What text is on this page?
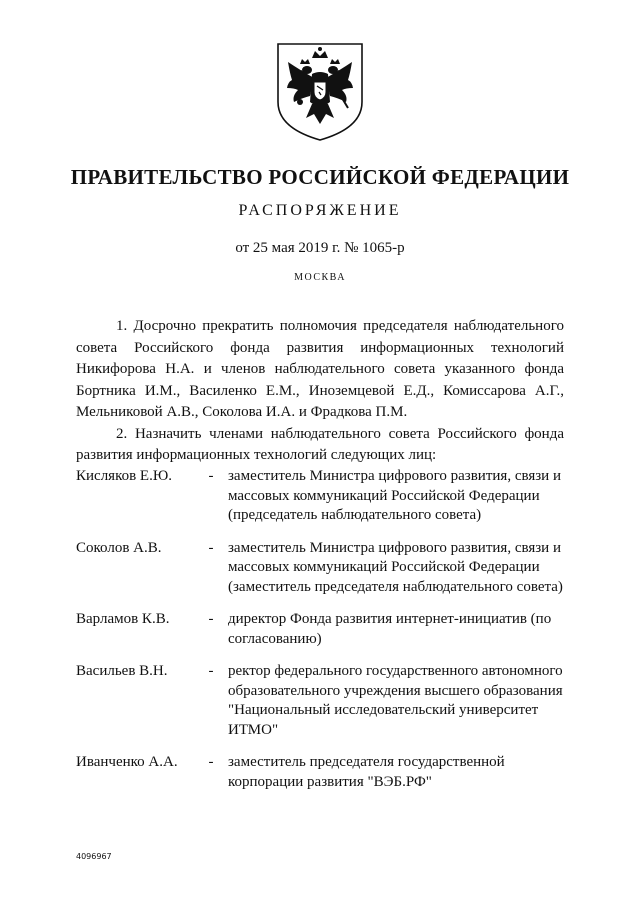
ПРАВИТЕЛЬСТВО РОССИЙСКОЙ ФЕДЕРАЦИИ
РАСПОРЯЖЕНИЕ
от 25 мая 2019 г. № 1065-р
МОСКВА

1. Досрочно прекратить полномочия председателя наблюдательного совета Российского фонда развития информационных технологий Никифорова Н.А. и членов наблюдательного совета указанного фонда Бортника И.М., Василенко Е.М., Иноземцевой Е.Д., Комиссарова А.Г., Мельниковой А.В., Соколова И.А. и Фрадкова П.М.

2. Назначить членами наблюдательного совета Российского фонда развития информационных технологий следующих лиц:

Кисляков Е.Ю.	- заместитель Министра цифрового развития, связи и массовых коммуникаций Российской Федерации (председатель наблюдательного совета)
Соколов А.В.	- заместитель Министра цифрового развития, связи и массовых коммуникаций Российской Федерации (заместитель председателя наблюдательного совета)
Варламов К.В.	- директор Фонда развития интернет-инициатив (по согласованию)
Васильев В.Н.	- ректор федерального государственного автономного образовательного учреждения высшего образования "Национальный исследовательский университет ИТМО"
Иванченко А.А.	- заместитель председателя государственной корпорации развития "ВЭБ.РФ"
4096967
